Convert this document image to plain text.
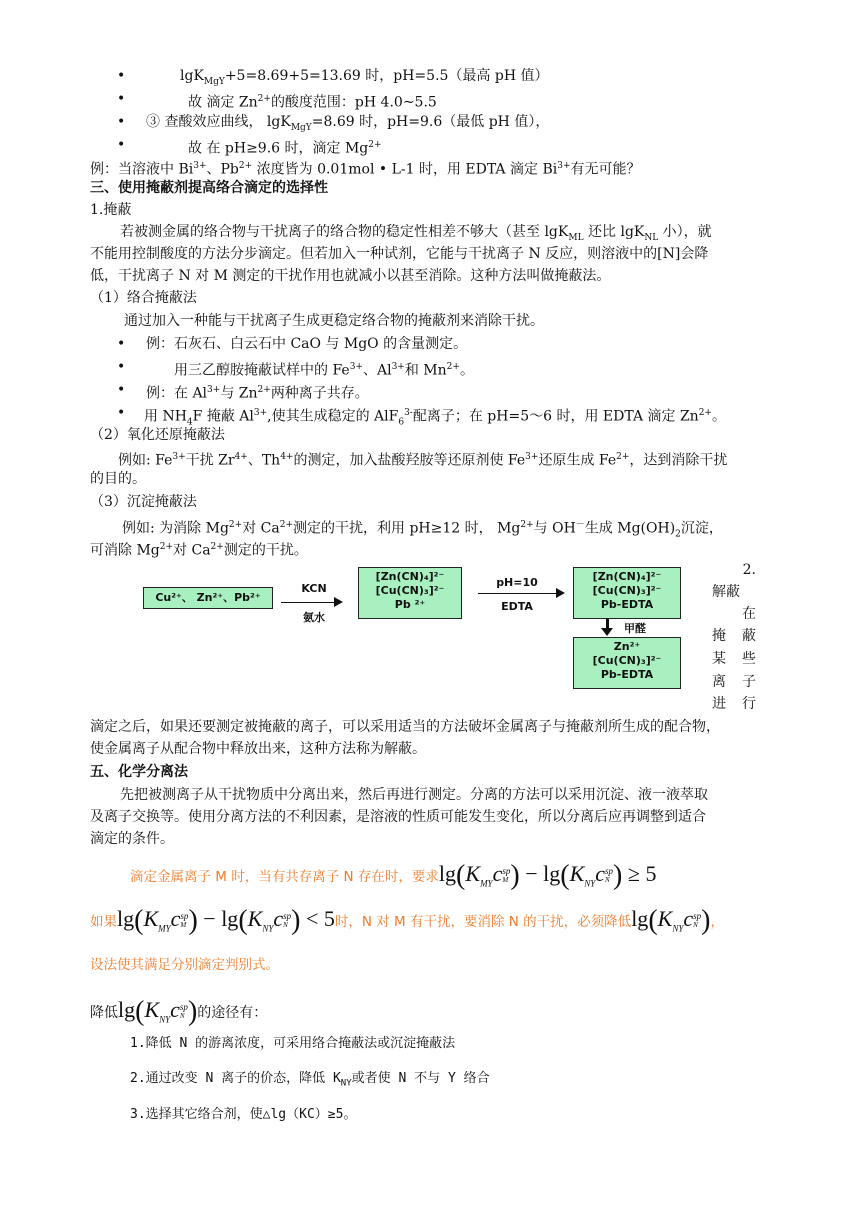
•	lgK$_{MgY}$+5=8.69+5=13.69 时，pH=5.5（最高 pH 值）
•	故 滴定 $Zn^{2+}$的酸度范围：pH 4.0~5.5
• ③ 查酸效应曲线， lgK$_{MgY}$=8.69 时，pH=9.6（最低 pH 值），
•	故 在 pH≥9.6 时，滴定 $Mg^{2+}$
例：当溶液中 $Bi^{3+}$、$Pb^{2+}$ 浓度皆为 0.01mol • L-1 时，用 EDTA 滴定 $Bi^{3+}$有无可能？
三、使用掩蔽剂提高络合滴定的选择性
1.掩蔽
若被测金属的络合物与干扰离子的络合物的稳定性相差不够大（甚至 lgK$_{ML}$ 还比 lgK$_{NL}$ 小），就
不能用控制酸度的方法分步滴定。但若加入一种试剂，它能与干扰离子 N 反应，则溶液中的[N]会降
低，干扰离子 N 对 M 测定的干扰作用也就减小以甚至消除。这种方法叫做掩蔽法。
（1）络合掩蔽法
通过加入一种能与干扰离子生成更稳定络合物的掩蔽剂来消除干扰。
• 例：石灰石、白云石中 CaO 与 MgO 的含量测定。
•	用三乙醇胺掩蔽试样中的 $Fe^{3+}$、$Al^{3+}$和 $Mn^{2+}$。
• 例：在 $Al^{3+}$与 $Zn^{2+}$两种离子共存。
• 用 $NH_4F$ 掩蔽 $Al^{3+}$,使其生成稳定的 AlF$_6^{3-}$配离子；在 pH=5～6 时，用 EDTA 滴定 $Zn^{2+}$。
（2）氧化还原掩蔽法
例如: $Fe^{3+}$干扰 $Zr^{4+}$、$Th^{4+}$的测定，加入盐酸羟胺等还原剂使 $Fe^{3+}$还原生成 $Fe^{2+}$，达到消除干扰
的目的。
（3）沉淀掩蔽法
例如: 为消除 $Mg^{2+}$对 $Ca^{2+}$测定的干扰，利用 pH≥12 时， $Mg^{2+}$与 OH－生成 $Mg(OH)_2$沉淀，
可消除 $Mg^{2+}$对 $Ca^{2+}$测定的干扰。
Cu²⁺、 Zn²⁺、Pb²⁺
KCN
氨水
[Zn(CN)₄]²⁻
[Cu(CN)₃]²⁻
Pb ²⁺
pH=10
EDTA
[Zn(CN)₄]²⁻
[Cu(CN)₃]²⁻
Pb-EDTA
甲醛
Zn²⁺
[Cu(CN)₃]²⁻
Pb-EDTA
2.
解蔽
在
掩 蔽
某 些
离 子
进 行
滴定之后，如果还要测定被掩蔽的离子，可以采用适当的方法破坏金属离子与掩蔽剂所生成的配合物，
使金属离子从配合物中释放出来，这种方法称为解蔽。
五、化学分离法
先把被测离子从干扰物质中分离出来，然后再进行测定。分离的方法可以采用沉淀、液一液萃取
及离子交换等。使用分离方法的不利因素，是溶液的性质可能发生变化，所以分离后应再调整到适合
滴定的条件。
滴定金属离子 M 时，当有共存离子 N 存在时，要求$\lg(K_{MY}c$ sp
M ) − $\lg(K_{NY}c$ sp
N ) ≥ 5
如果$\lg(K_{MY}c$ sp
M ) − $\lg(K_{NY}c$ sp
N ) < 5时，N 对 M 有干扰，要消除 N 的干扰，必须降低$\lg(K_{NY}c$ sp
N )，
设法使其满足分别滴定判别式。
降低$\lg(K_{NY}c$ sp
N )的途径有：
1.降低 N 的游离浓度，可采用络合掩蔽法或沉淀掩蔽法
2.通过改变 N 离子的价态，降低 $K_{NY}$或者使 N 不与 Y 络合
3.选择其它络合剂，使△lg（KC）≥5。
